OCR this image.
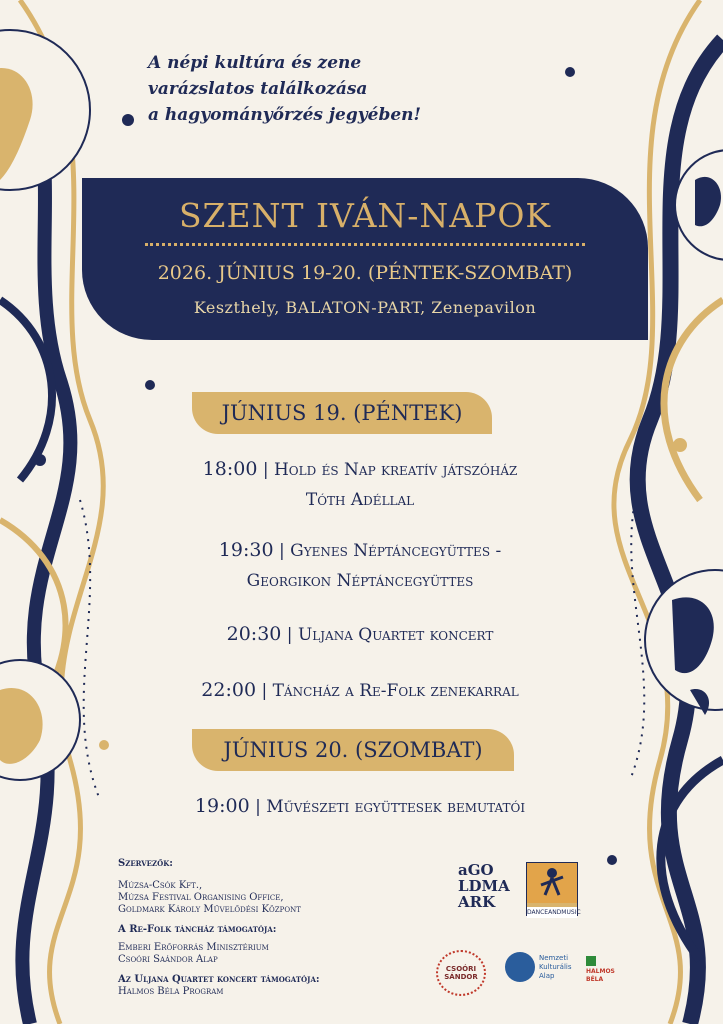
A népi kultúra és zene
varázslatos találkozása
a hagyományőrzés jegyében!
SZENT IVÁN-NAPOK
2026. JÚNIUS 19-20. (PÉNTEK-SZOMBAT)
Keszthely, BALATON-PART, Zenepavilon
JÚNIUS 19. (PÉNTEK)
18:00 | Hold és Nap kreatív játszóház
Tóth Adéllal
19:30 | Gyenes Néptáncegyüttes -
Georgikon Néptáncegyüttes
20:30 | Uljana Quartet koncert
22:00 | Táncház a Re-Folk zenekarral
JÚNIUS 20. (SZOMBAT)
19:00 | Művészeti együttesek bemutatói
Szervezők:
Múzsa-Csók Kft.,
Múzsa Festival Organising Office,
Goldmark Károly Művelődési Központ
A Re-Folk táncház támogatója:
Emberi Erőforrás Minisztérium
Csoóri Saándor Alap
Az Uljana Quartet koncert támogatója:
Halmos Béla Program
aGO
LDMA
ARK
DANCEANDMUSIC
CSOÓRI SÁNDOR
Nemzeti
Kulturális
Alap
HALMOS BÉLA
